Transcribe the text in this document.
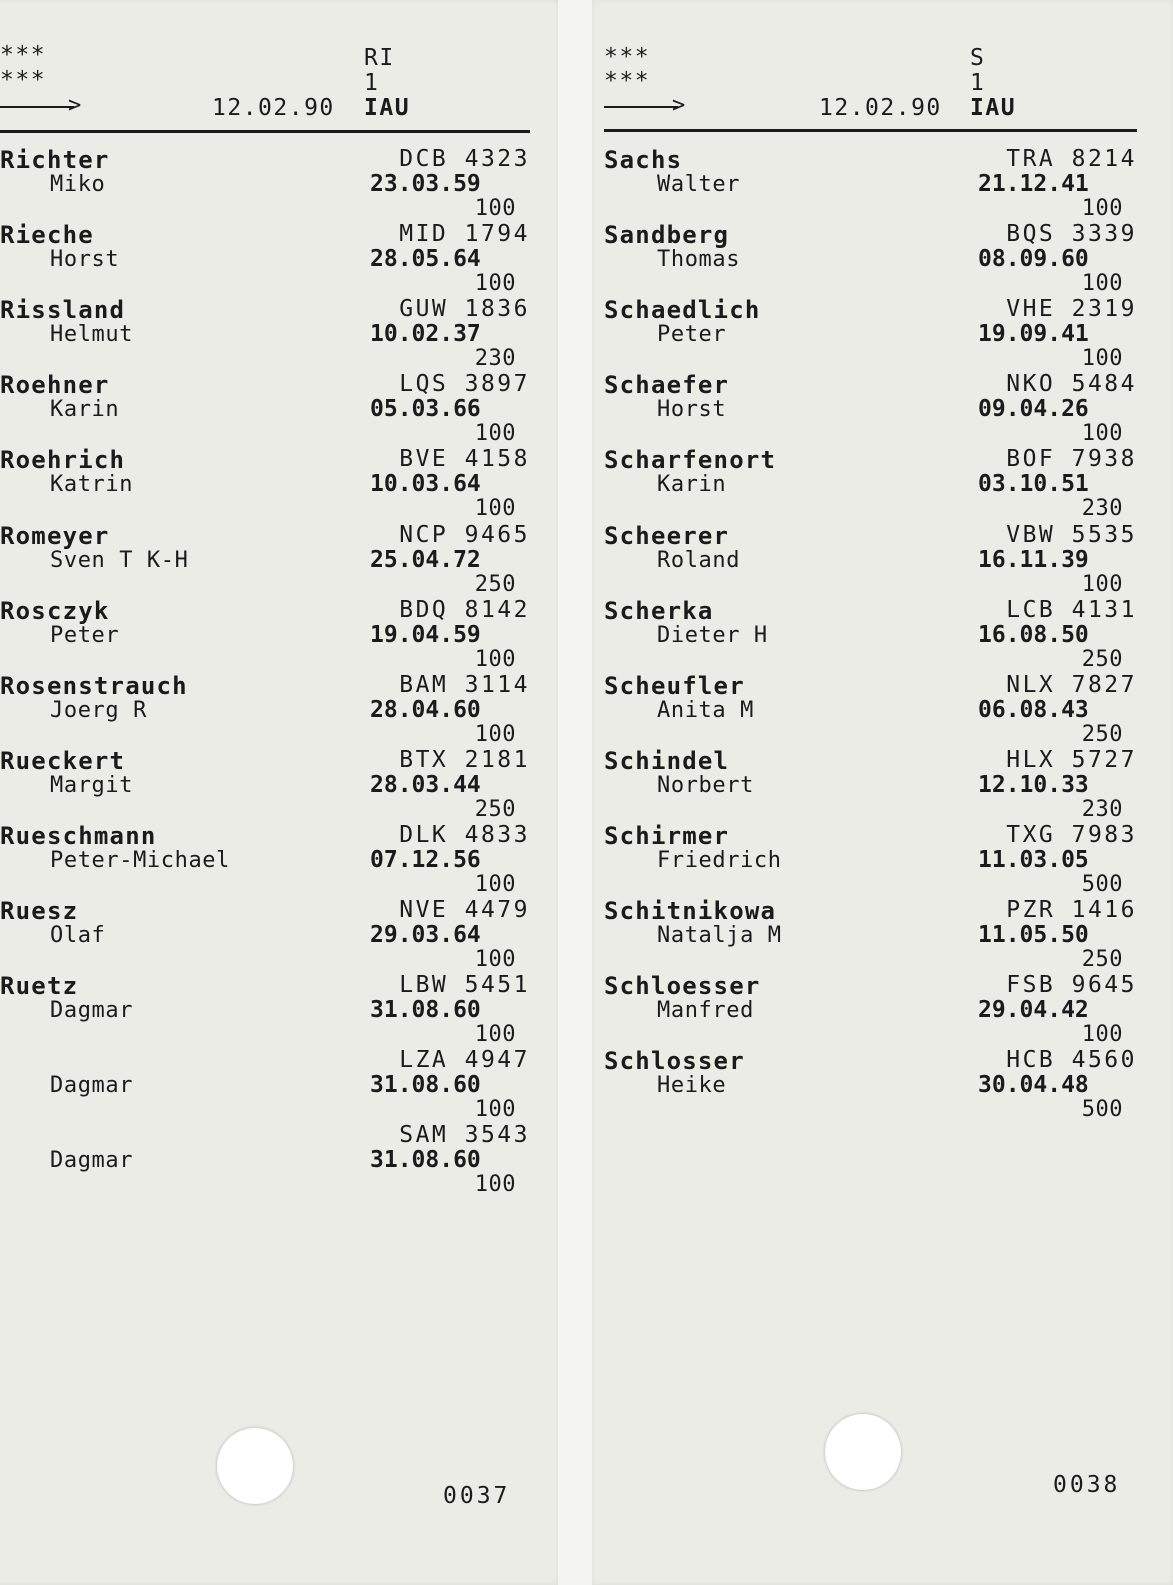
***
***
>	12.02.90
RI
1
IAU
Richter
Miko
DCB 4323
23.03.59
100
Rieche
Horst
MID 1794
28.05.64
100
Rissland
Helmut
GUW 1836
10.02.37
230
Roehner
Karin
LQS 3897
05.03.66
100
Roehrich
Katrin
BVE 4158
10.03.64
100
Romeyer
Sven T K-H
NCP 9465
25.04.72
250
Rosczyk
Peter
BDQ 8142
19.04.59
100
Rosenstrauch
Joerg R
BAM 3114
28.04.60
100
Rueckert
Margit
BTX 2181
28.03.44
250
Rueschmann
Peter-Michael
DLK 4833
07.12.56
100
Ruesz
Olaf
NVE 4479
29.03.64
100
Ruetz
Dagmar
LBW 5451
31.08.60
100
Dagmar
LZA 4947
31.08.60
100
Dagmar
SAM 3543
31.08.60
100
0037
***
***
>	12.02.90
S
1
IAU
Sachs
Walter
TRA 8214
21.12.41
100
Sandberg
Thomas
BQS 3339
08.09.60
100
Schaedlich
Peter
VHE 2319
19.09.41
100
Schaefer
Horst
NKO 5484
09.04.26
100
Scharfenort
Karin
BOF 7938
03.10.51
230
Scheerer
Roland
VBW 5535
16.11.39
100
Scherka
Dieter H
LCB 4131
16.08.50
250
Scheufler
Anita M
NLX 7827
06.08.43
250
Schindel
Norbert
HLX 5727
12.10.33
230
Schirmer
Friedrich
TXG 7983
11.03.05
500
Schitnikowa
Natalja M
PZR 1416
11.05.50
250
Schloesser
Manfred
FSB 9645
29.04.42
100
Schlosser
Heike
HCB 4560
30.04.48
500
0038
